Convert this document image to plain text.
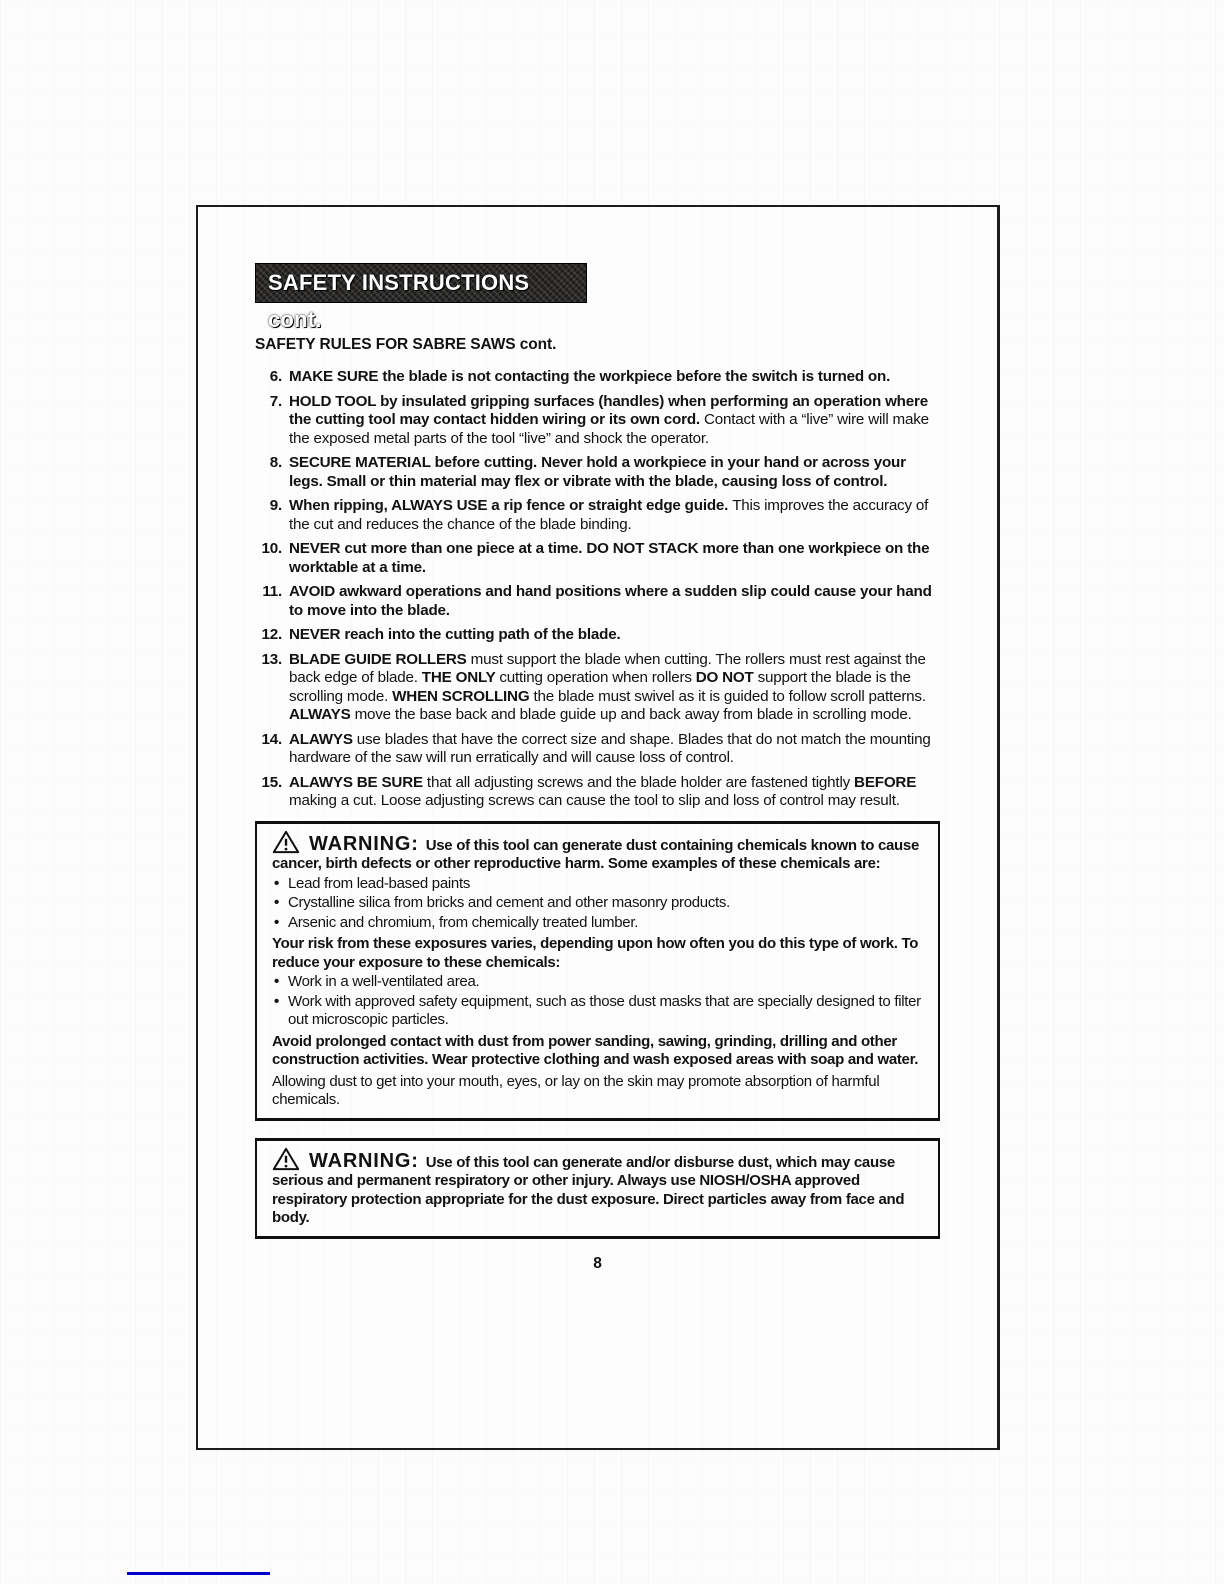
SAFETY INSTRUCTIONS cont.
SAFETY RULES FOR SABRE SAWS cont.
6. MAKE SURE the blade is not contacting the workpiece before the switch is turned on.
7. HOLD TOOL by insulated gripping surfaces (handles) when performing an operation where the cutting tool may contact hidden wiring or its own cord. Contact with a “live” wire will make the exposed metal parts of the tool “live” and shock the operator.
8. SECURE MATERIAL before cutting. Never hold a workpiece in your hand or across your legs. Small or thin material may flex or vibrate with the blade, causing loss of control.
9. When ripping, ALWAYS USE a rip fence or straight edge guide. This improves the accuracy of the cut and reduces the chance of the blade binding.
10. NEVER cut more than one piece at a time. DO NOT STACK more than one workpiece on the worktable at a time.
11. AVOID awkward operations and hand positions where a sudden slip could cause your hand to move into the blade.
12. NEVER reach into the cutting path of the blade.
13. BLADE GUIDE ROLLERS must support the blade when cutting. The rollers must rest against the back edge of blade. THE ONLY cutting operation when rollers DO NOT support the blade is the scrolling mode. WHEN SCROLLING the blade must swivel as it is guided to follow scroll patterns. ALWAYS move the base back and blade guide up and back away from blade in scrolling mode.
14. ALAWYS use blades that have the correct size and shape. Blades that do not match the mounting hardware of the saw will run erratically and will cause loss of control.
15. ALAWYS BE SURE that all adjusting screws and the blade holder are fastened tightly BEFORE making a cut. Loose adjusting screws can cause the tool to slip and loss of control may result.

WARNING: Use of this tool can generate dust containing chemicals known to cause cancer, birth defects or other reproductive harm. Some examples of these chemicals are:

• Lead from lead-based paints
• Crystalline silica from bricks and cement and other masonry products.
• Arsenic and chromium, from chemically treated lumber.

Your risk from these exposures varies, depending upon how often you do this type of work. To reduce your exposure to these chemicals:

• Work in a well-ventilated area.
• Work with approved safety equipment, such as those dust masks that are specially designed to filter out microscopic particles.

Avoid prolonged contact with dust from power sanding, sawing, grinding, drilling and other construction activities. Wear protective clothing and wash exposed areas with soap and water.

Allowing dust to get into your mouth, eyes, or lay on the skin may promote absorption of harmful chemicals.

WARNING: Use of this tool can generate and/or disburse dust, which may cause serious and permanent respiratory or other injury. Always use NIOSH/OSHA approved respiratory protection appropriate for the dust exposure. Direct particles away from face and body.

8
